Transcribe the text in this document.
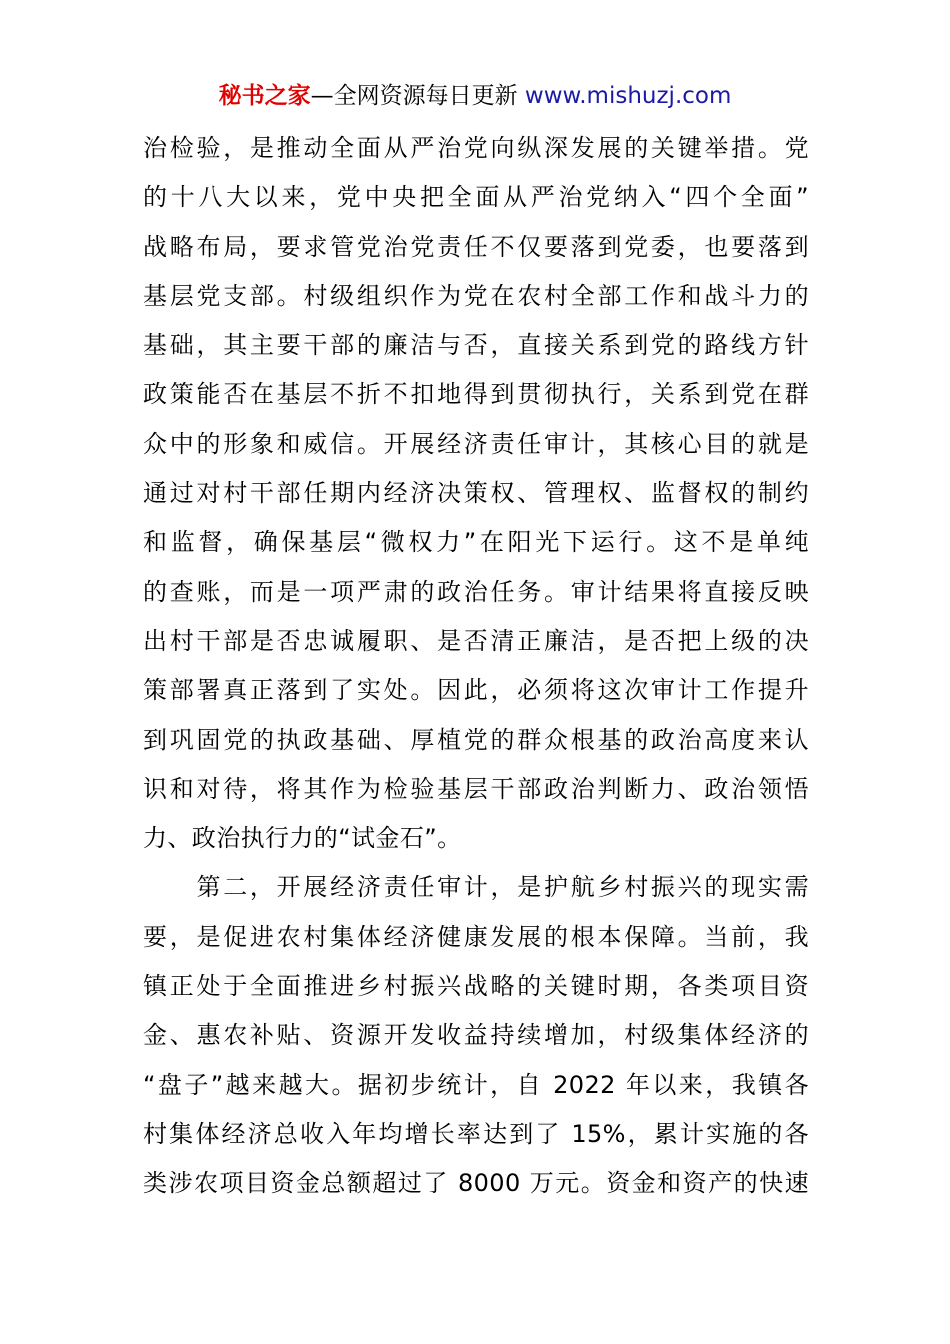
秘书之家—全网资源每日更新 www.mishuzj.com
治检验，是推动全面从严治党向纵深发展的关键举措。党
的十八大以来，党中央把全面从严治党纳入“四个全面”
战略布局，要求管党治党责任不仅要落到党委，也要落到
基层党支部。村级组织作为党在农村全部工作和战斗力的
基础，其主要干部的廉洁与否，直接关系到党的路线方针
政策能否在基层不折不扣地得到贯彻执行，关系到党在群
众中的形象和威信。开展经济责任审计，其核心目的就是
通过对村干部任期内经济决策权、管理权、监督权的制约
和监督，确保基层“微权力”在阳光下运行。这不是单纯
的查账，而是一项严肃的政治任务。审计结果将直接反映
出村干部是否忠诚履职、是否清正廉洁，是否把上级的决
策部署真正落到了实处。因此，必须将这次审计工作提升
到巩固党的执政基础、厚植党的群众根基的政治高度来认
识和对待，将其作为检验基层干部政治判断力、政治领悟
力、政治执行力的“试金石”。
　　第二，开展经济责任审计，是护航乡村振兴的现实需
要，是促进农村集体经济健康发展的根本保障。当前，我
镇正处于全面推进乡村振兴战略的关键时期，各类项目资
金、惠农补贴、资源开发收益持续增加，村级集体经济的
“盘子”越来越大。据初步统计，自 2022 年以来，我镇各
村集体经济总收入年均增长率达到了 15%，累计实施的各
类涉农项目资金总额超过了 8000 万元。资金和资产的快速
